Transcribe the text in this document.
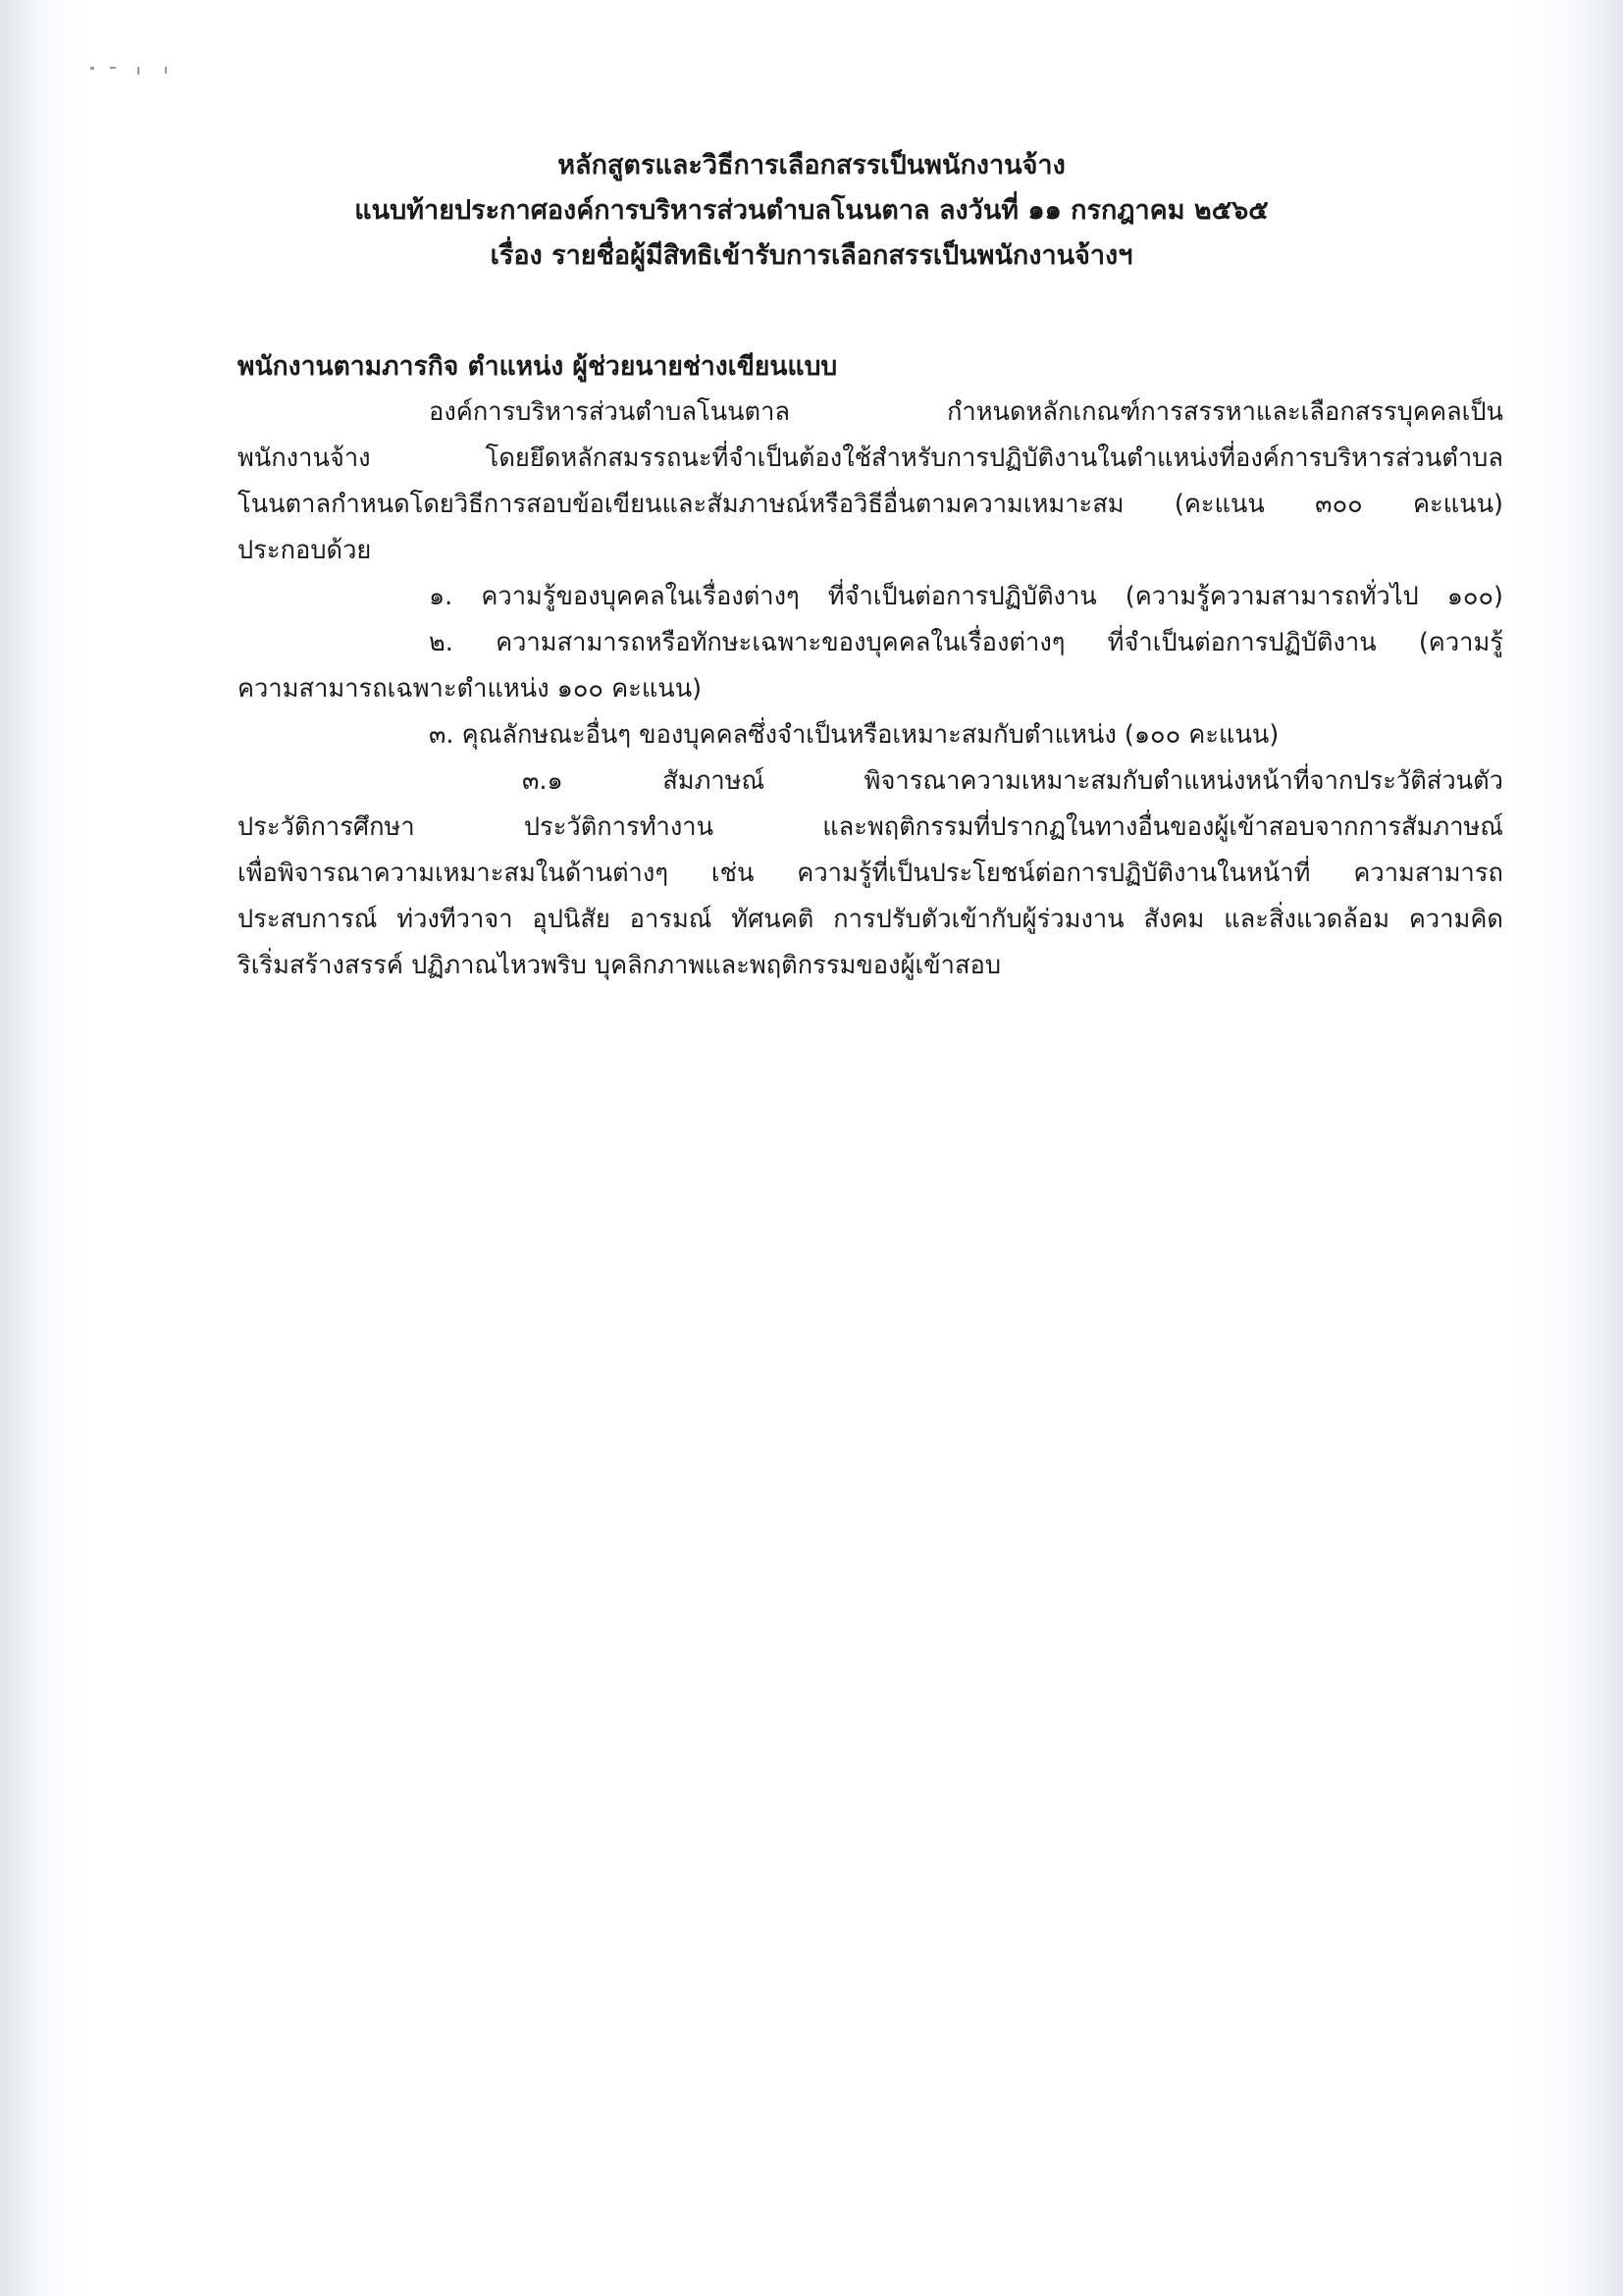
หลักสูตรและวิธีการเลือกสรรเป็นพนักงานจ้าง
แนบท้ายประกาศองค์การบริหารส่วนตำบลโนนตาล ลงวันที่ ๑๑ กรกฎาคม ๒๕๖๕
เรื่อง รายชื่อผู้มีสิทธิเข้ารับการเลือกสรรเป็นพนักงานจ้างฯ
พนักงานตามภารกิจ ตำแหน่ง ผู้ช่วยนายช่างเขียนแบบ
องค์การบริหารส่วนตำบลโนนตาล กำหนดหลักเกณฑ์การสรรหาและเลือกสรรบุคคลเป็น
พนักงานจ้าง โดยยึดหลักสมรรถนะที่จำเป็นต้องใช้สำหรับการปฏิบัติงานในตำแหน่งที่องค์การบริหารส่วนตำบล
โนนตาลกำหนดโดยวิธีการสอบข้อเขียนและสัมภาษณ์หรือวิธีอื่นตามความเหมาะสม (คะแนน ๓๐๐ คะแนน)
ประกอบด้วย
๑. ความรู้ของบุคคลในเรื่องต่างๆ ที่จำเป็นต่อการปฏิบัติงาน (ความรู้ความสามารถทั่วไป ๑๐๐)
๒. ความสามารถหรือทักษะเฉพาะของบุคคลในเรื่องต่างๆ ที่จำเป็นต่อการปฏิบัติงาน (ความรู้
ความสามารถเฉพาะตำแหน่ง ๑๐๐ คะแนน)
๓. คุณลักษณะอื่นๆ ของบุคคลซึ่งจำเป็นหรือเหมาะสมกับตำแหน่ง (๑๐๐ คะแนน)
๓.๑ สัมภาษณ์ พิจารณาความเหมาะสมกับตำแหน่งหน้าที่จากประวัติส่วนตัว
ประวัติการศึกษา ประวัติการทำงาน และพฤติกรรมที่ปรากฏในทางอื่นของผู้เข้าสอบจากการสัมภาษณ์
เพื่อพิจารณาความเหมาะสมในด้านต่างๆ เช่น ความรู้ที่เป็นประโยชน์ต่อการปฏิบัติงานในหน้าที่ ความสามารถ
ประสบการณ์ ท่วงทีวาจา อุปนิสัย อารมณ์ ทัศนคติ การปรับตัวเข้ากับผู้ร่วมงาน สังคม และสิ่งแวดล้อม ความคิด
ริเริ่มสร้างสรรค์ ปฏิภาณไหวพริบ บุคลิกภาพและพฤติกรรมของผู้เข้าสอบ
